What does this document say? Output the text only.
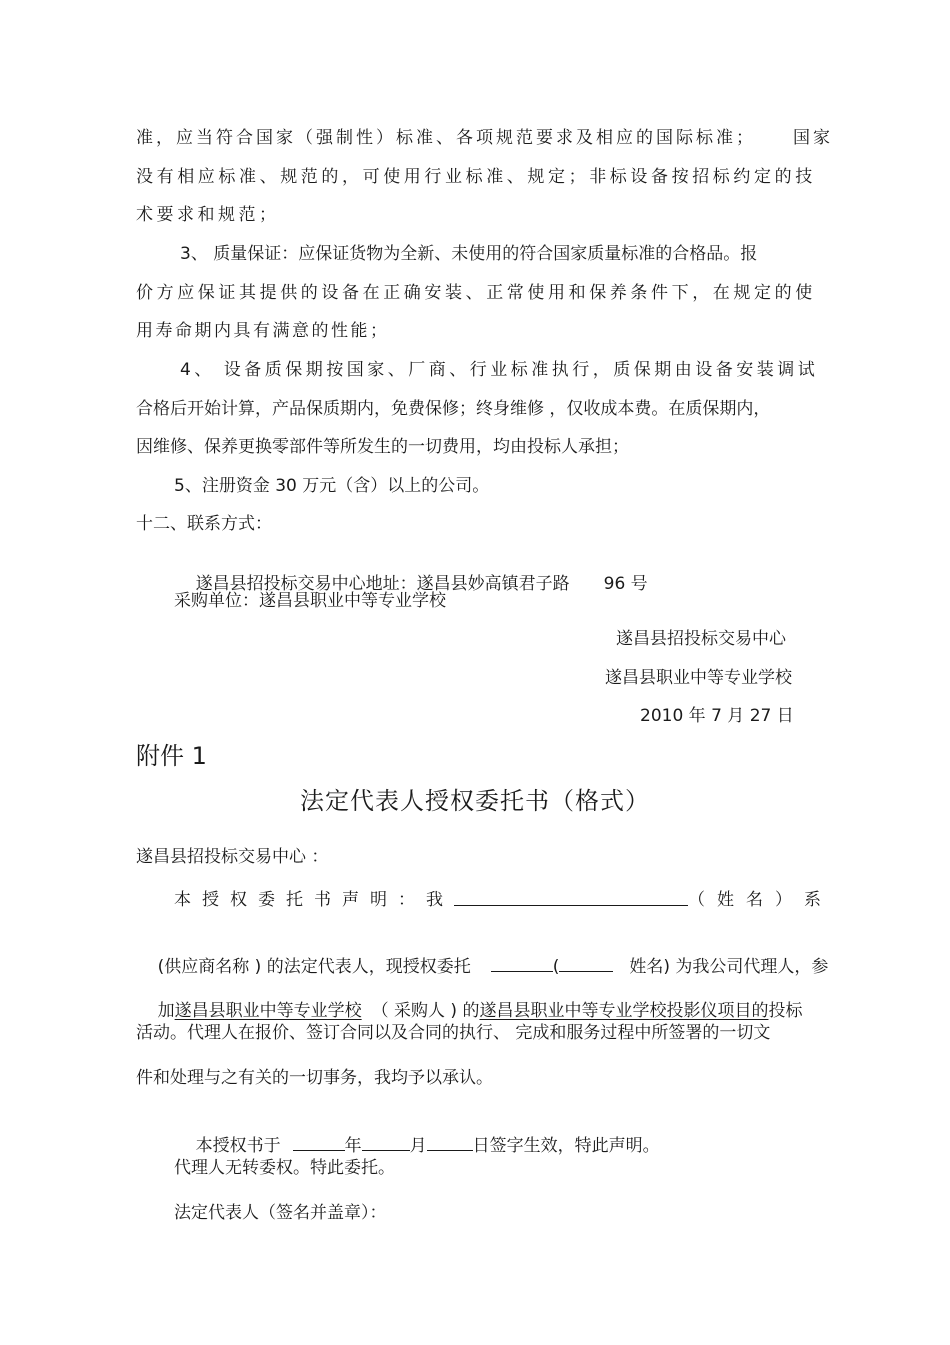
准，应当符合国家（强制性）标准、各项规范要求及相应的国际标准； 国家
没有相应标准、规范的，可使用行业标准、规定；非标设备按招标约定的技
术要求和规范；
3、 质量保证：应保证货物为全新、未使用的符合国家质量标准的合格品。报
价方应保证其提供的设备在正确安装、正常使用和保养条件下，在规定的使
用寿命期内具有满意的性能；
4、 设备质保期按国家、厂商、行业标准执行，质保期由设备安装调试
合格后开始计算，产品保质期内，免费保修；终身维修 ，仅收成本费。在质保期内，
因维修、保养更换零部件等所发生的一切费用，均由投标人承担；
5、注册资金 30 万元（含）以上的公司。
十二、联系方式：

遂昌县招投标交易中心地址：遂昌县妙高镇君子路 96 号

采购单位：遂昌县职业中等专业学校
遂昌县招投标交易中心
遂昌县职业中等专业学校
2010 年 7 月 27 日
附件 1
法定代表人授权委托书（格式）
遂昌县招投标交易中心 ：
本授权委托书声明：我	（姓名）系

(供应商名称 ) 的法定代表人，现授权委托	(	姓名) 为我公司代理人，参

加遂昌县职业中等专业学校 （ 采购人 ) 的遂昌县职业中等专业学校投影仪项目的投标

活动。代理人在报价、签订合同以及合同的执行、 完成和服务过程中所签署的一切文
件和处理与之有关的一切事务，我均予以承认。

本授权书于	年	月	日签字生效，特此声明。

代理人无转委权。特此委托。
法定代表人（签名并盖章）：
